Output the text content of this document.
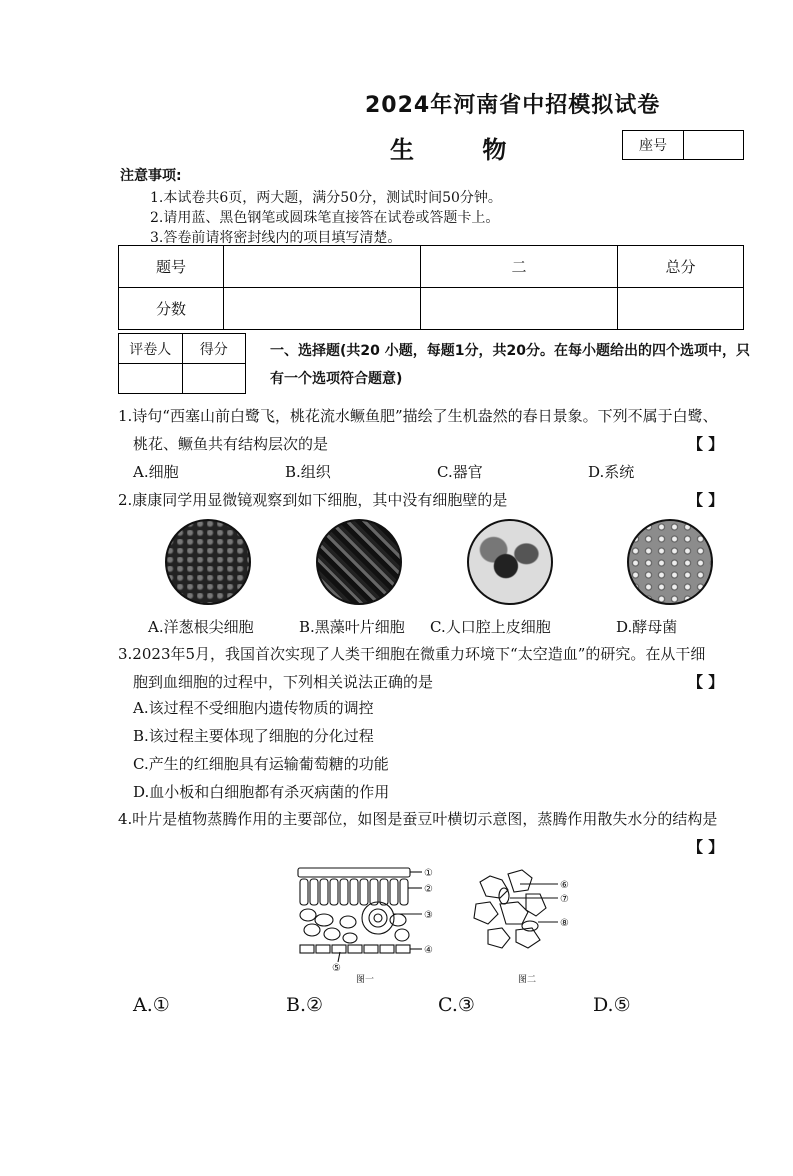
2024年河南省中招模拟试卷
生 物	座号
注意事项:
1.本试卷共6页，两大题，满分50分，测试时间50分钟。
2.请用蓝、黑色钢笔或圆珠笔直接答在试卷或答题卡上。
3.答卷前请将密封线内的项目填写清楚。
题号		二	总分
分数			
评卷人	得分
		一、选择题(共20 小题，每题1分，共20分。在每小题给出的四个选项中，只有一个选项符合题意)
1.诗句“西塞山前白鹭飞，桃花流水鳜鱼肥”描绘了生机盎然的春日景象。下列不属于白鹭、
桃花、鳜鱼共有结构层次的是	【 】
A.细胞	B.组织	C.器官	D.系统
2.康康同学用显微镜观察到如下细胞，其中没有细胞壁的是	【 】
A.洋葱根尖细胞	B.黑藻叶片细胞 C.人口腔上皮细胞	D.酵母菌
3.2023年5月，我国首次实现了人类干细胞在微重力环境下“太空造血”的研究。在从干细
胞到血细胞的过程中，下列相关说法正确的是	【 】
A.该过程不受细胞内遗传物质的调控
B.该过程主要体现了细胞的分化过程
C.产生的红细胞具有运输葡萄糖的功能
D.血小板和白细胞都有杀灭病菌的作用
4.叶片是植物蒸腾作用的主要部位，如图是蚕豆叶横切示意图，蒸腾作用散失水分的结构是
【 】
①
②
③
④
⑤
图一
⑥
⑦
⑧
图二
A.①	B.②	C.③	D.⑤
